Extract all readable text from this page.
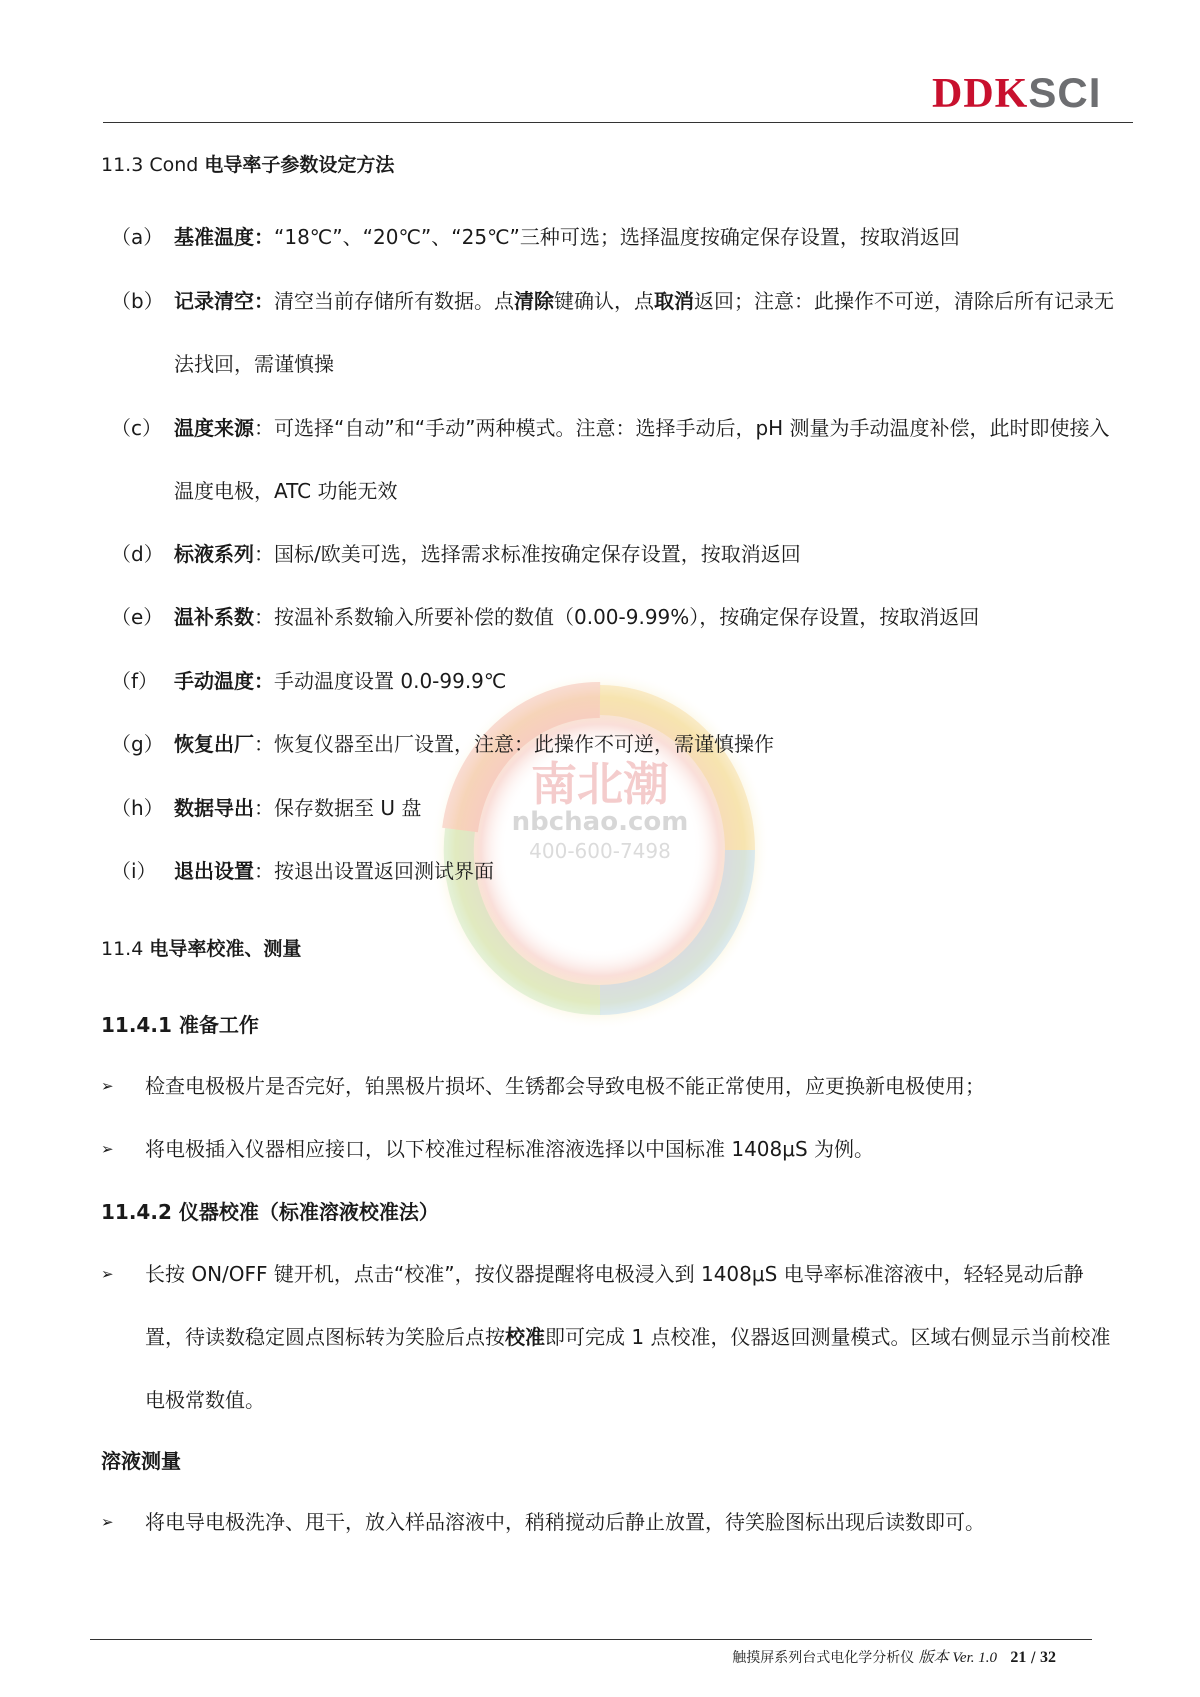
DDKSCI
南北潮
nbchao.com
400-600-7498
11.3 Cond 电导率子参数设定方法
（a） 基准温度：“18℃”、“20℃”、“25℃”三种可选；选择温度按确定保存设置，按取消返回
（b） 记录清空：清空当前存储所有数据。点清除键确认，点取消返回；注意：此操作不可逆，清除后所有记录无法找回，需谨慎操
（c） 温度来源：可选择“自动”和“手动”两种模式。注意：选择手动后，pH 测量为手动温度补偿，此时即使接入温度电极，ATC 功能无效
（d） 标液系列：国标/欧美可选，选择需求标准按确定保存设置，按取消返回
（e） 温补系数：按温补系数输入所要补偿的数值（0.00-9.99%），按确定保存设置，按取消返回
（f） 手动温度：手动温度设置 0.0-99.9℃
（g） 恢复出厂：恢复仪器至出厂设置，注意：此操作不可逆，需谨慎操作
（h） 数据导出：保存数据至 U 盘
（i） 退出设置：按退出设置返回测试界面
11.4 电导率校准、测量
11.4.1 准备工作
➢ 检查电极极片是否完好，铂黑极片损坏、生锈都会导致电极不能正常使用，应更换新电极使用；
➢ 将电极插入仪器相应接口，以下校准过程标准溶液选择以中国标准 1408μS 为例。
11.4.2 仪器校准（标准溶液校准法）
➢ 长按 ON/OFF 键开机，点击“校准”，按仪器提醒将电极浸入到 1408μS 电导率标准溶液中，轻轻晃动后静置，待读数稳定圆点图标转为笑脸后点按校准即可完成 1 点校准，仪器返回测量模式。区域右侧显示当前校准电极常数值。
溶液测量
➢ 将电导电极洗净、甩干，放入样品溶液中，稍稍搅动后静止放置，待笑脸图标出现后读数即可。
触摸屏系列台式电化学分析仪 版本 Ver. 1.0 21 / 32
